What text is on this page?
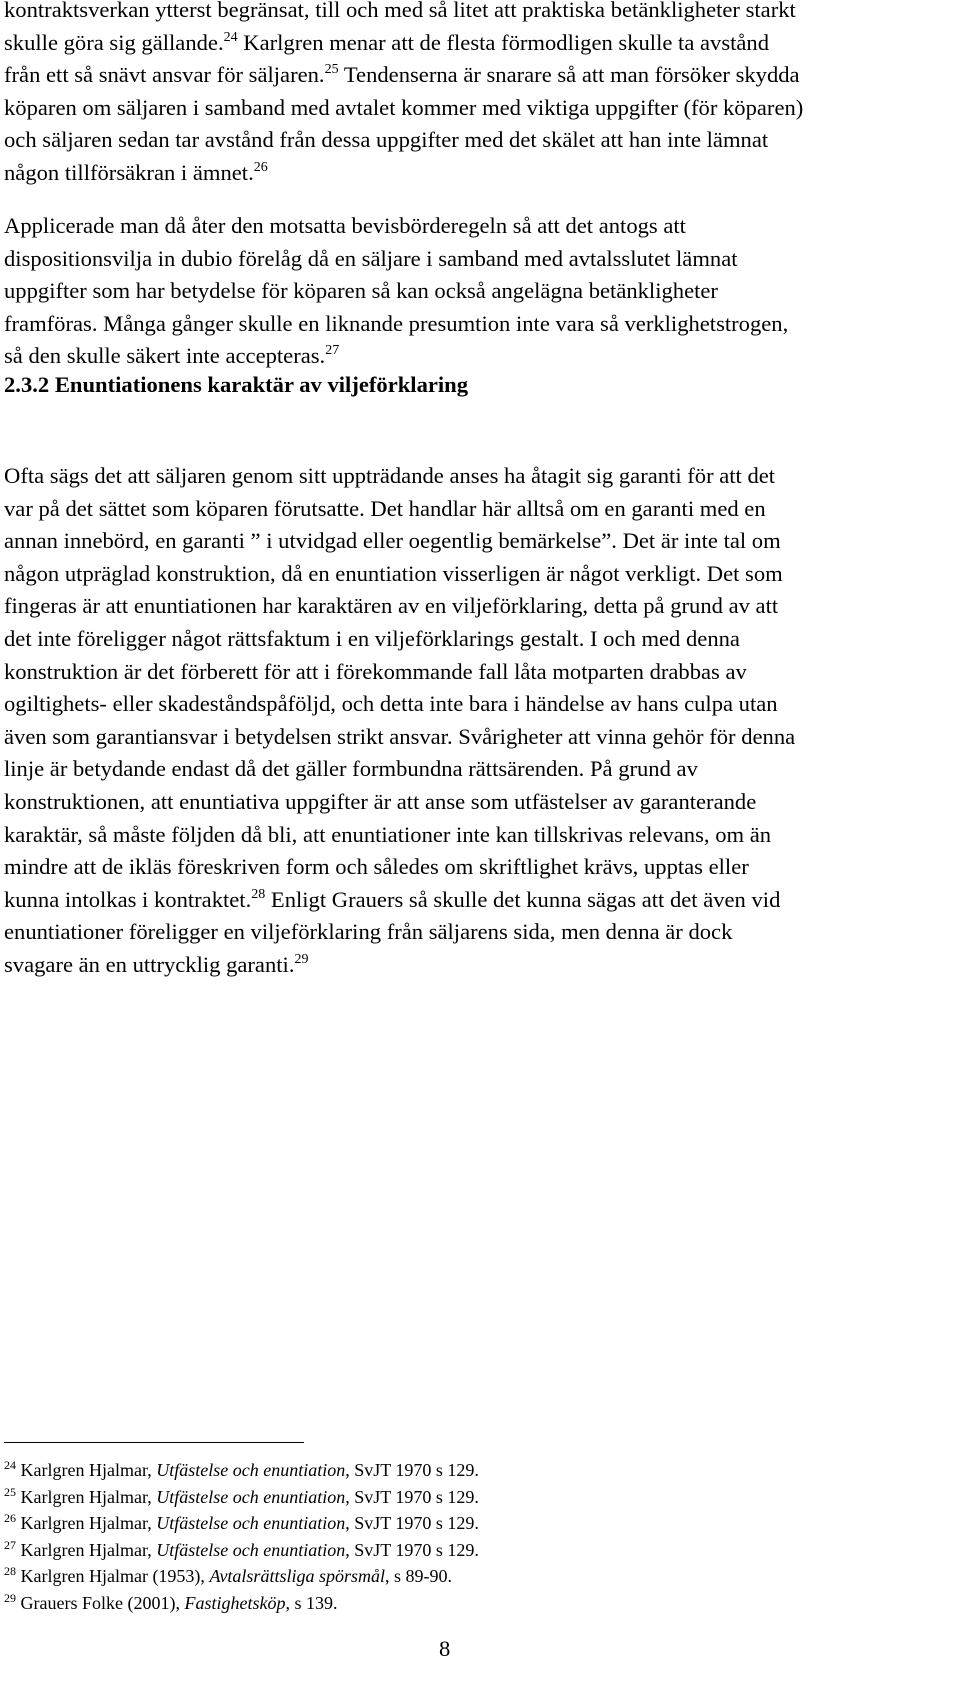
kontraktsverkan ytterst begränsat, till och med så litet att praktiska betänkligheter starkt
skulle göra sig gällande.$^{24}$ Karlgren menar att de flesta förmodligen skulle ta avstånd
från ett så snävt ansvar för säljaren.$^{25}$ Tendenserna är snarare så att man försöker skydda
köparen om säljaren i samband med avtalet kommer med viktiga uppgifter (för köparen)
och säljaren sedan tar avstånd från dessa uppgifter med det skälet att han inte lämnat
någon tillförsäkran i ämnet.$^{26}$

Applicerade man då åter den motsatta bevisbörderegeln så att det antogs att
dispositionsvilja in dubio förelåg då en säljare i samband med avtalsslutet lämnat
uppgifter som har betydelse för köparen så kan också angelägna betänkligheter
framföras. Många gånger skulle en liknande presumtion inte vara så verklighetstrogen,
så den skulle säkert inte accepteras.$^{27}$

2.3.2 Enuntiationens karaktär av viljeförklaring

Ofta sägs det att säljaren genom sitt uppträdande anses ha åtagit sig garanti för att det
var på det sättet som köparen förutsatte. Det handlar här alltså om en garanti med en
annan innebörd, en garanti ” i utvidgad eller oegentlig bemärkelse”. Det är inte tal om
någon utpräglad konstruktion, då en enuntiation visserligen är något verkligt. Det som
fingeras är att enuntiationen har karaktären av en viljeförklaring, detta på grund av att
det inte föreligger något rättsfaktum i en viljeförklarings gestalt. I och med denna
konstruktion är det förberett för att i förekommande fall låta motparten drabbas av
ogiltighets- eller skadeståndspåföljd, och detta inte bara i händelse av hans culpa utan
även som garantiansvar i betydelsen strikt ansvar. Svårigheter att vinna gehör för denna
linje är betydande endast då det gäller formbundna rättsärenden. På grund av
konstruktionen, att enuntiativa uppgifter är att anse som utfästelser av garanterande
karaktär, så måste följden då bli, att enuntiationer inte kan tillskrivas relevans, om än
mindre att de ikläs föreskriven form och således om skriftlighet krävs, upptas eller
kunna intolkas i kontraktet.$^{28}$ Enligt Grauers så skulle det kunna sägas att det även vid
enuntiationer föreligger en viljeförklaring från säljarens sida, men denna är dock
svagare än en uttrycklig garanti.$^{29}$

$^{24}$ Karlgren Hjalmar, Utfästelse och enuntiation, SvJT 1970 s 129.
$^{25}$ Karlgren Hjalmar, Utfästelse och enuntiation, SvJT 1970 s 129.
$^{26}$ Karlgren Hjalmar, Utfästelse och enuntiation, SvJT 1970 s 129.
$^{27}$ Karlgren Hjalmar, Utfästelse och enuntiation, SvJT 1970 s 129.
$^{28}$ Karlgren Hjalmar (1953), Avtalsrättsliga spörsmål, s 89-90.
$^{29}$ Grauers Folke (2001), Fastighetsköp, s 139.
8
